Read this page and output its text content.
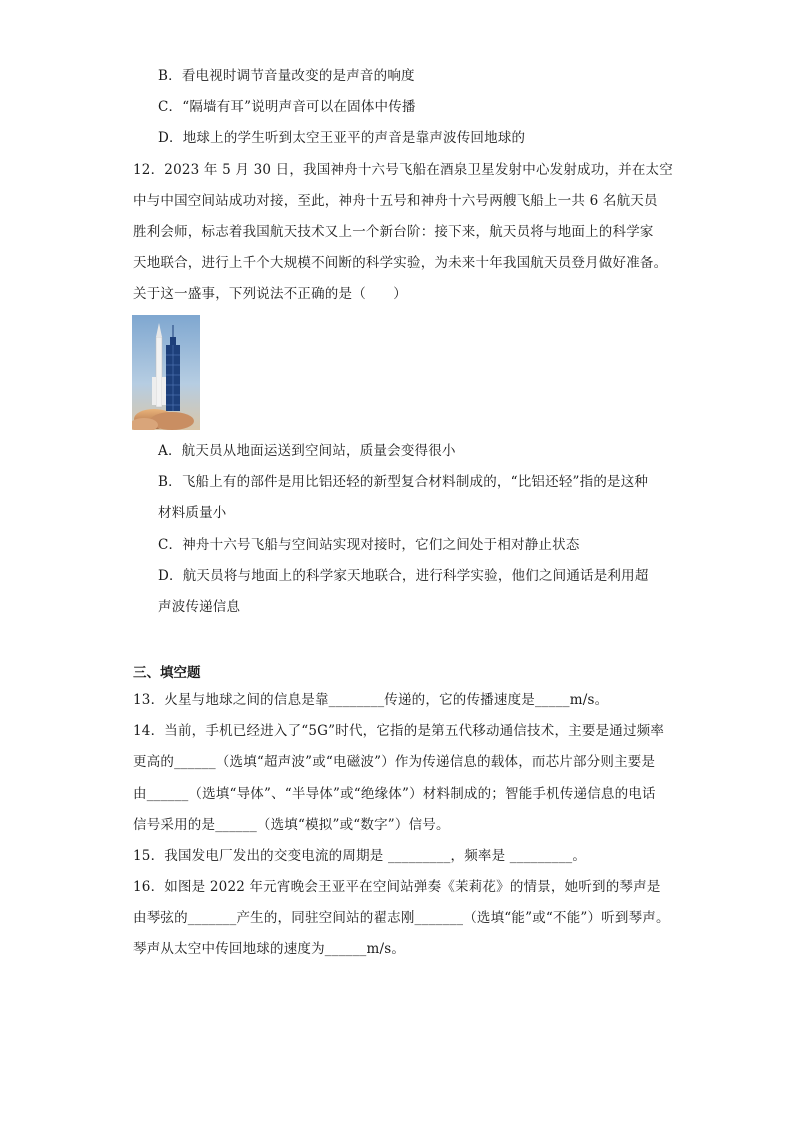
B．看电视时调节音量改变的是声音的响度
C．“隔墙有耳”说明声音可以在固体中传播
D．地球上的学生听到太空王亚平的声音是靠声波传回地球的
12．2023 年 5 月 30 日，我国神舟十六号飞船在酒泉卫星发射中心发射成功，并在太空
中与中国空间站成功对接，至此，神舟十五号和神舟十六号两艘飞船上一共 6 名航天员
胜利会师，标志着我国航天技术又上一个新台阶：接下来，航天员将与地面上的科学家
天地联合，进行上千个大规模不间断的科学实验，为未来十年我国航天员登月做好准备。
关于这一盛事，下列说法不正确的是（　　）
A．航天员从地面运送到空间站，质量会变得很小
B．飞船上有的部件是用比铝还轻的新型复合材料制成的，“比铝还轻”指的是这种
材料质量小
C．神舟十六号飞船与空间站实现对接时，它们之间处于相对静止状态
D．航天员将与地面上的科学家天地联合，进行科学实验，他们之间通话是利用超
声波传递信息
三、填空题
13．火星与地球之间的信息是靠________传递的，它的传播速度是_____m/s。
14．当前，手机已经进入了“5G”时代，它指的是第五代移动通信技术，主要是通过频率
更高的______（选填“超声波”或“电磁波”）作为传递信息的载体，而芯片部分则主要是
由______（选填“导体”、“半导体”或“绝缘体”）材料制成的；智能手机传递信息的电话
信号采用的是______（选填“模拟”或“数字”）信号。
15．我国发电厂发出的交变电流的周期是 _________，频率是 _________。
16．如图是 2022 年元宵晚会王亚平在空间站弹奏《茉莉花》的情景，她听到的琴声是
由琴弦的_______产生的，同驻空间站的翟志刚_______（选填“能”或“不能”）听到琴声。
琴声从太空中传回地球的速度为______m/s。
